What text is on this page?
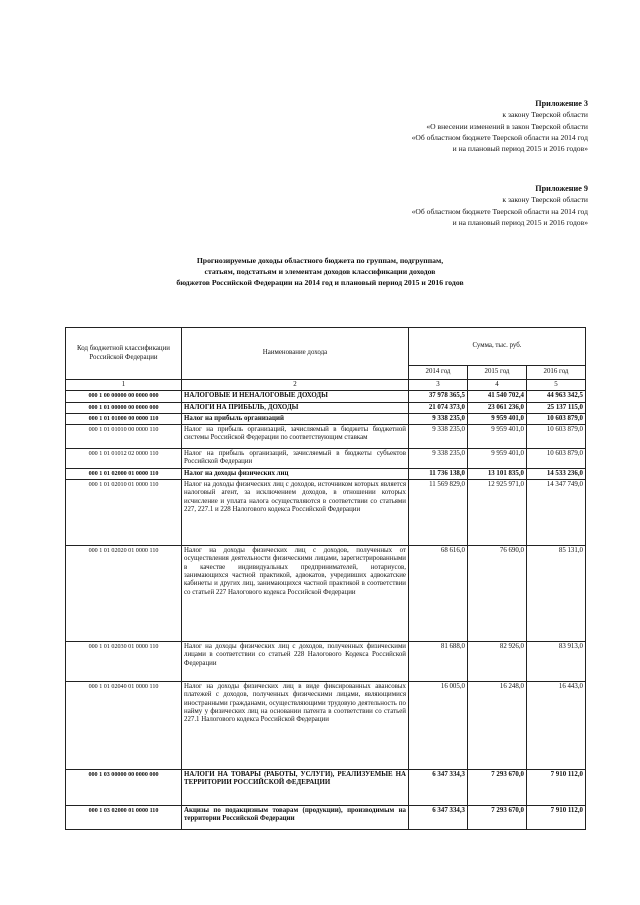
Приложение 3
к закону Тверской области
«О внесении изменений в закон Тверской области
«Об областном бюджете Тверской области на 2014 год
и на плановый период 2015 и 2016 годов»
Приложение 9
к закону Тверской области
«Об областном бюджете Тверской области на 2014 год
и на плановый период 2015 и 2016 годов»
Прогнозируемые доходы областного бюджета по группам, подгруппам,
статьям, подстатьям и элементам доходов классификации доходов
бюджетов Российской Федерации на 2014 год и плановый период 2015 и 2016 годов
Код бюджетной классификации Российской Федерации	Наименование дохода	Сумма, тыс. руб.		
		2014 год	2015 год	2016 год
1	2	3	4	5
000 1 00 00000 00 0000 000	НАЛОГОВЫЕ И НЕНАЛОГОВЫЕ ДОХОДЫ	37 978 365,5	41 540 702,4	44 963 342,5
000 1 01 00000 00 0000 000	НАЛОГИ НА ПРИБЫЛЬ, ДОХОДЫ	21 074 373,0	23 061 236,0	25 137 115,0
000 1 01 01000 00 0000 110	Налог на прибыль организаций	9 338 235,0	9 959 401,0	10 603 879,0
000 1 01 01010 00 0000 110	Налог на прибыль организаций, зачисляемый в бюджеты бюджетной системы Российской Федерации по соответствующим ставкам	9 338 235,0	9 959 401,0	10 603 879,0
000 1 01 01012 02 0000 110	Налог на прибыль организаций, зачисляемый в бюджеты субъектов Российской Федерации	9 338 235,0	9 959 401,0	10 603 879,0
000 1 01 02000 01 0000 110	Налог на доходы физических лиц	11 736 138,0	13 101 835,0	14 533 236,0
000 1 01 02010 01 0000 110	Налог на доходы физических лиц с доходов, источником которых является налоговый агент, за исключением доходов, в отношении которых исчисление и уплата налога осуществляются в соответствии со статьями 227, 227.1 и 228 Налогового кодекса Российской Федерации	11 569 829,0	12 925 971,0	14 347 749,0
000 1 01 02020 01 0000 110	Налог на доходы физических лиц с доходов, полученных от осуществления деятельности физическими лицами, зарегистрированными в качестве индивидуальных предпринимателей, нотариусов, занимающихся частной практикой, адвокатов, учредивших адвокатские кабинеты и других лиц, занимающихся частной практикой в соответствии со статьей 227 Налогового кодекса Российской Федерации	68 616,0	76 690,0	85 131,0
000 1 01 02030 01 0000 110	Налог на доходы физических лиц с доходов, полученных физическими лицами в соответствии со статьей 228 Налогового Кодекса Российской Федерации	81 688,0	82 926,0	83 913,0
000 1 01 02040 01 0000 110	Налог на доходы физических лиц в виде фиксированных авансовых платежей с доходов, полученных физическими лицами, являющимися иностранными гражданами, осуществляющими трудовую деятельность по найму у физических лиц на основании патента в соответствии со статьей 227.1 Налогового кодекса Российской Федерации	16 005,0	16 248,0	16 443,0
000 1 03 00000 00 0000 000	НАЛОГИ НА ТОВАРЫ (РАБОТЫ, УСЛУГИ), РЕАЛИЗУЕМЫЕ НА ТЕРРИТОРИИ РОССИЙСКОЙ ФЕДЕРАЦИИ	6 347 334,3	7 293 670,0	7 910 112,0
000 1 03 02000 01 0000 110	Акцизы по подакцизным товарам (продукции), производимым на территории Российской Федерации	6 347 334,3	7 293 670,0	7 910 112,0
